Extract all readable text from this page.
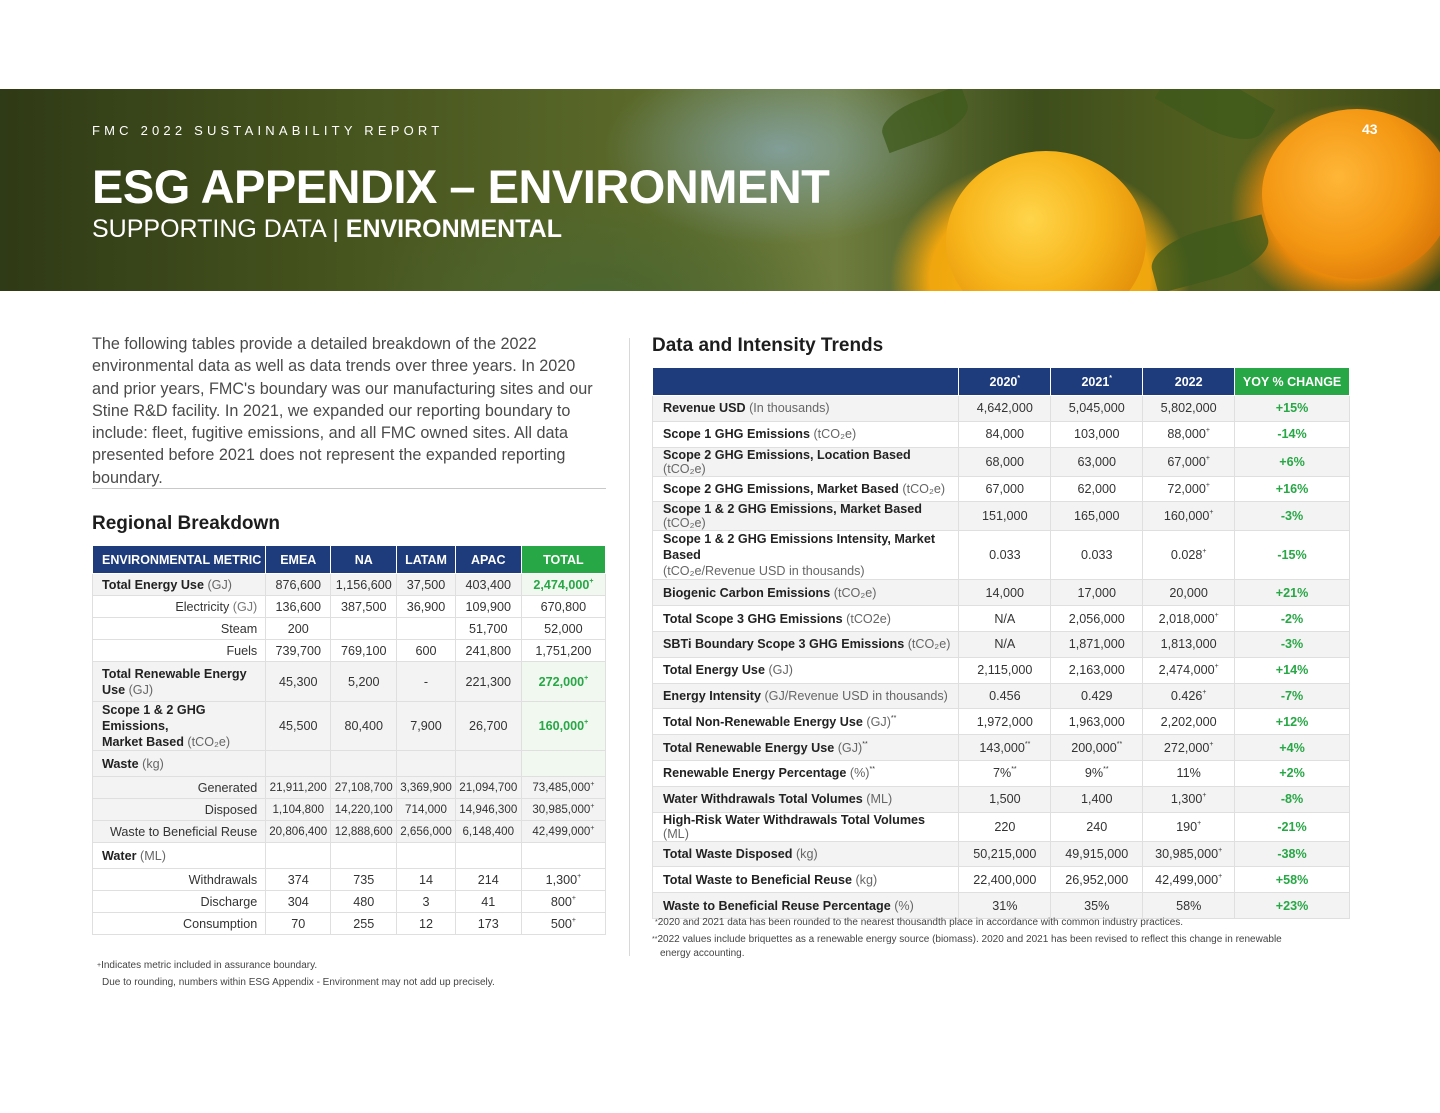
FMC 2022 SUSTAINABILITY REPORT	43
ESG APPENDIX – ENVIRONMENT
SUPPORTING DATA | ENVIRONMENTAL

The following tables provide a detailed breakdown of the 2022 environmental data as well as data trends over three years. In 2020 and prior years, FMC's boundary was our manufacturing sites and our Stine R&D facility. In 2021, we expanded our reporting boundary to include: fleet, fugitive emissions, and all FMC owned sites. All data presented before 2021 does not represent the expanded reporting boundary.

Regional Breakdown
ENVIRONMENTAL METRIC	EMEA	NA	LATAM	APAC	TOTAL
Total Energy Use (GJ)	876,600	1,156,600	37,500	403,400	2,474,000+
Electricity (GJ)	136,600	387,500	36,900	109,900	670,800
Steam	200			51,700	52,000
Fuels	739,700	769,100	600	241,800	1,751,200
Total Renewable Energy
Use (GJ)	45,300	5,200	-	221,300	272,000+
Scope 1 & 2 GHG Emissions,
Market Based (tCO₂e)	45,500	80,400	7,900	26,700	160,000+
Waste (kg)					
Generated	21,911,200	27,108,700	3,369,900	21,094,700	73,485,000+
Disposed	1,104,800	14,220,100	714,000	14,946,300	30,985,000+
Waste to Beneficial Reuse	20,806,400	12,888,600	2,656,000	6,148,400	42,499,000+
Water (ML)					
Withdrawals	374	735	14	214	1,300+
Discharge	304	480	3	41	800+
Consumption	70	255	12	173	500+
+Indicates metric included in assurance boundary.
Due to rounding, numbers within ESG Appendix - Environment may not add up precisely.
Data and Intensity Trends
	2020*	2021*	2022	YOY % CHANGE
Revenue USD (In thousands)	4,642,000	5,045,000	5,802,000	+15%
Scope 1 GHG Emissions (tCO₂e)	84,000	103,000	88,000+	-14%
Scope 2 GHG Emissions, Location Based (tCO₂e)	68,000	63,000	67,000+	+6%
Scope 2 GHG Emissions, Market Based (tCO₂e)	67,000	62,000	72,000+	+16%
Scope 1 & 2 GHG Emissions, Market Based (tCO₂e)	151,000	165,000	160,000+	-3%

Scope 1 & 2 GHG Emissions Intensity, Market Based
(tCO₂e/Revenue USD in thousands)	0.033	0.033	0.028+	-15%
Biogenic Carbon Emissions (tCO₂e)	14,000	17,000	20,000	+21%
Total Scope 3 GHG Emissions (tCO2e)	N/A	2,056,000	2,018,000+	-2%
SBTi Boundary Scope 3 GHG Emissions (tCO₂e)	N/A	1,871,000	1,813,000	-3%
Total Energy Use (GJ)	2,115,000	2,163,000	2,474,000+	+14%
Energy Intensity (GJ/Revenue USD in thousands)	0.456	0.429	0.426+	-7%
Total Non-Renewable Energy Use (GJ)**	1,972,000	1,963,000	2,202,000	+12%
Total Renewable Energy Use (GJ)**	143,000**	200,000**	272,000+	+4%
Renewable Energy Percentage (%)**	7%**	9%**	11%	+2%
Water Withdrawals Total Volumes (ML)	1,500	1,400	1,300+	-8%
High-Risk Water Withdrawals Total Volumes (ML)	220	240	190+	-21%
Total Waste Disposed (kg)	50,215,000	49,915,000	30,985,000+	-38%
Total Waste to Beneficial Reuse (kg)	22,400,000	26,952,000	42,499,000+	+58%
Waste to Beneficial Reuse Percentage (%)	31%	35%	58%	+23%
*2020 and 2021 data has been rounded to the nearest thousandth place in accordance with common industry practices.
**2022 values include briquettes as a renewable energy source (biomass). 2020 and 2021 has been revised to reflect this change in renewable
energy accounting.
